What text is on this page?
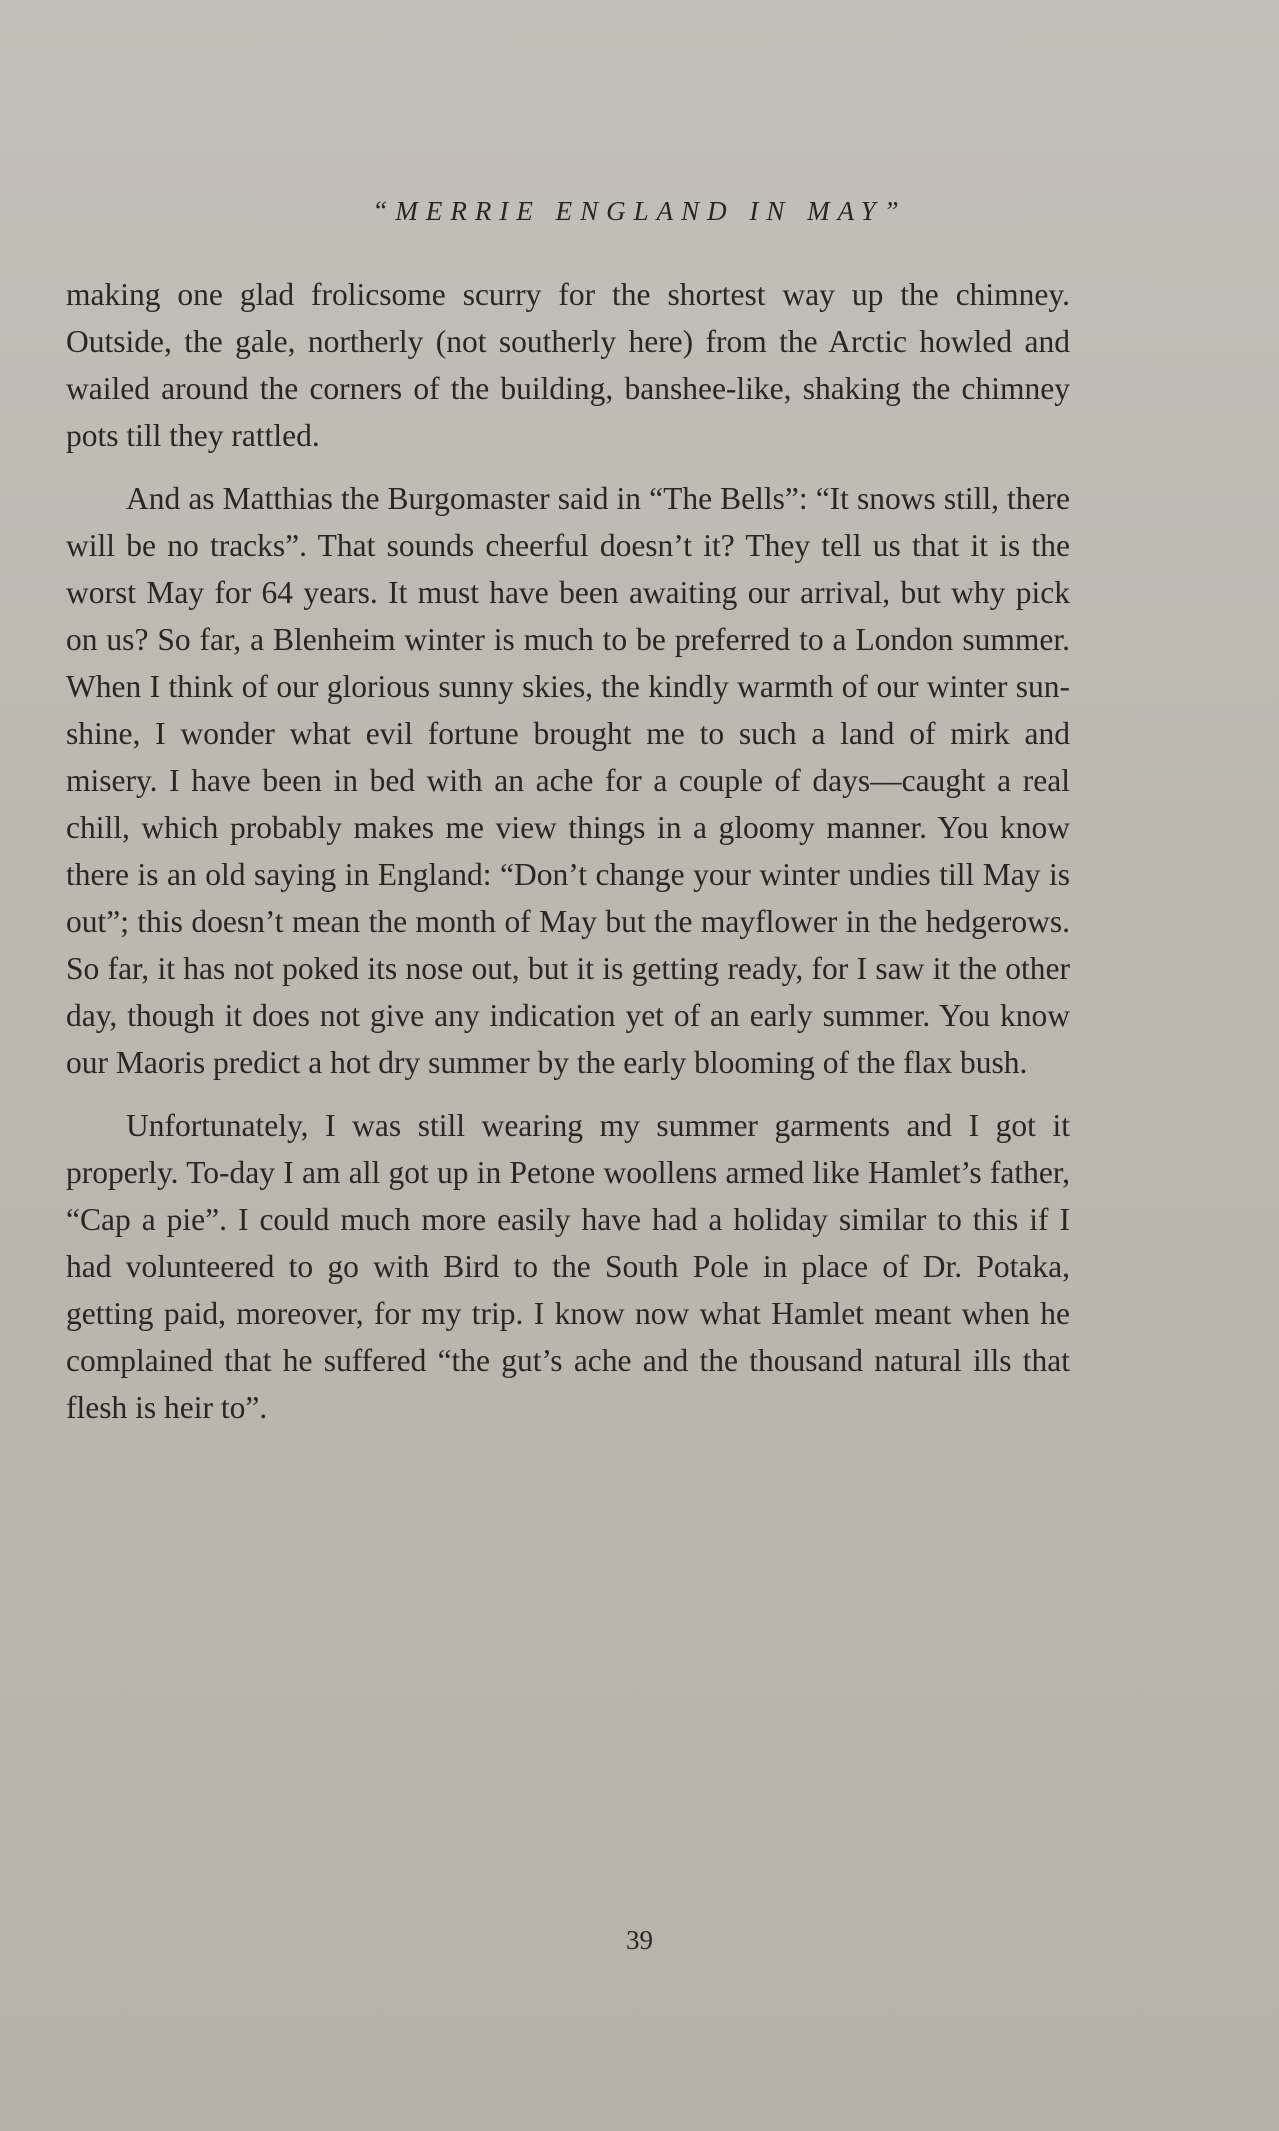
“MERRIE ENGLAND IN MAY”

making one glad frolicsome scurry for the shortest way up the chimney. Outside, the gale, northerly (not southerly here) from the Arctic howled and wailed around the corners of the building, banshee-like, shaking the chimney pots till they rattled.

And as Matthias the Burgomaster said in “The Bells”: “It snows still, there will be no tracks”. That sounds cheerful doesn’t it? They tell us that it is the worst May for 64 years. It must have been awaiting our arrival, but why pick on us? So far, a Blenheim winter is much to be preferred to a London summer. When I think of our glorious sunny skies, the kindly warmth of our winter sun-shine, I wonder what evil fortune brought me to such a land of mirk and misery. I have been in bed with an ache for a couple of days—caught a real chill, which probably makes me view things in a gloomy manner. You know there is an old saying in England: “Don’t change your winter undies till May is out”; this doesn’t mean the month of May but the mayflower in the hedgerows. So far, it has not poked its nose out, but it is getting ready, for I saw it the other day, though it does not give any indication yet of an early summer. You know our Maoris predict a hot dry summer by the early blooming of the flax bush.

Unfortunately, I was still wearing my summer garments and I got it properly. To-day I am all got up in Petone woollens armed like Hamlet’s father, “Cap a pie”. I could much more easily have had a holiday similar to this if I had volunteered to go with Bird to the South Pole in place of Dr. Potaka, getting paid, moreover, for my trip. I know now what Hamlet meant when he complained that he suffered “the gut’s ache and the thousand natural ills that flesh is heir to”.

39
